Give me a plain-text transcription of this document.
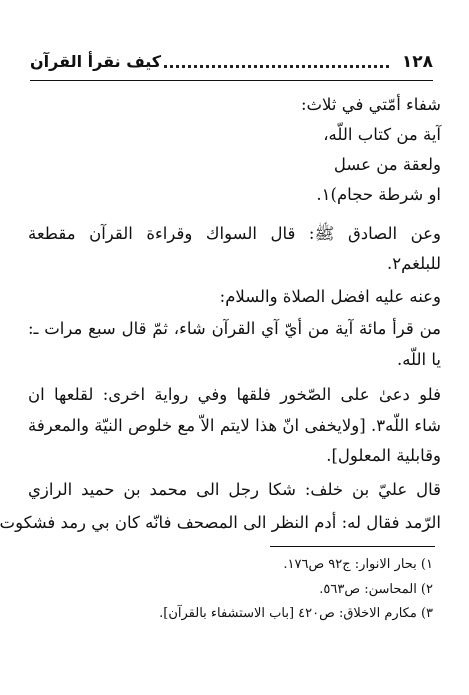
١٢٨
كيف نقرأ القرآن
شفاء أمّتي في ثلاث:
آية من كتاب اللّه،
ولعقة من عسل
او شرطة حجام)١.
وعن الصادق ﷺ: قال السواك وقراءة القرآن مقطعة
للبلغم٢.
وعنه عليه افضل الصلاة والسلام:
من قرأ مائة آية من أيّ آي القرآن شاء، ثمّ قال سبع مرات ـ:
يا اللّه.
فلو دعىٰ على الصّخور فلقها وفي رواية اخرى: لقلعها ان
شاء اللّه٣. [ولايخفى انّ هذا لايتم الاّ مع خلوص النيّة والمعرفة
وقابلية المعلول].
قال عليّ بن خلف: شكا رجل الى محمد بن حميد الرازي
الرّمد فقال له: أدم النظر الى المصحف فانّه كان بي رمد فشكوت
١) بحار الانوار: ج٩٢ ص١٧٦.
٢) المحاسن: ص٥٦٣.
٣) مكارم الاخلاق: ص٤٢٠ [باب الاستشفاء بالقرآن].
